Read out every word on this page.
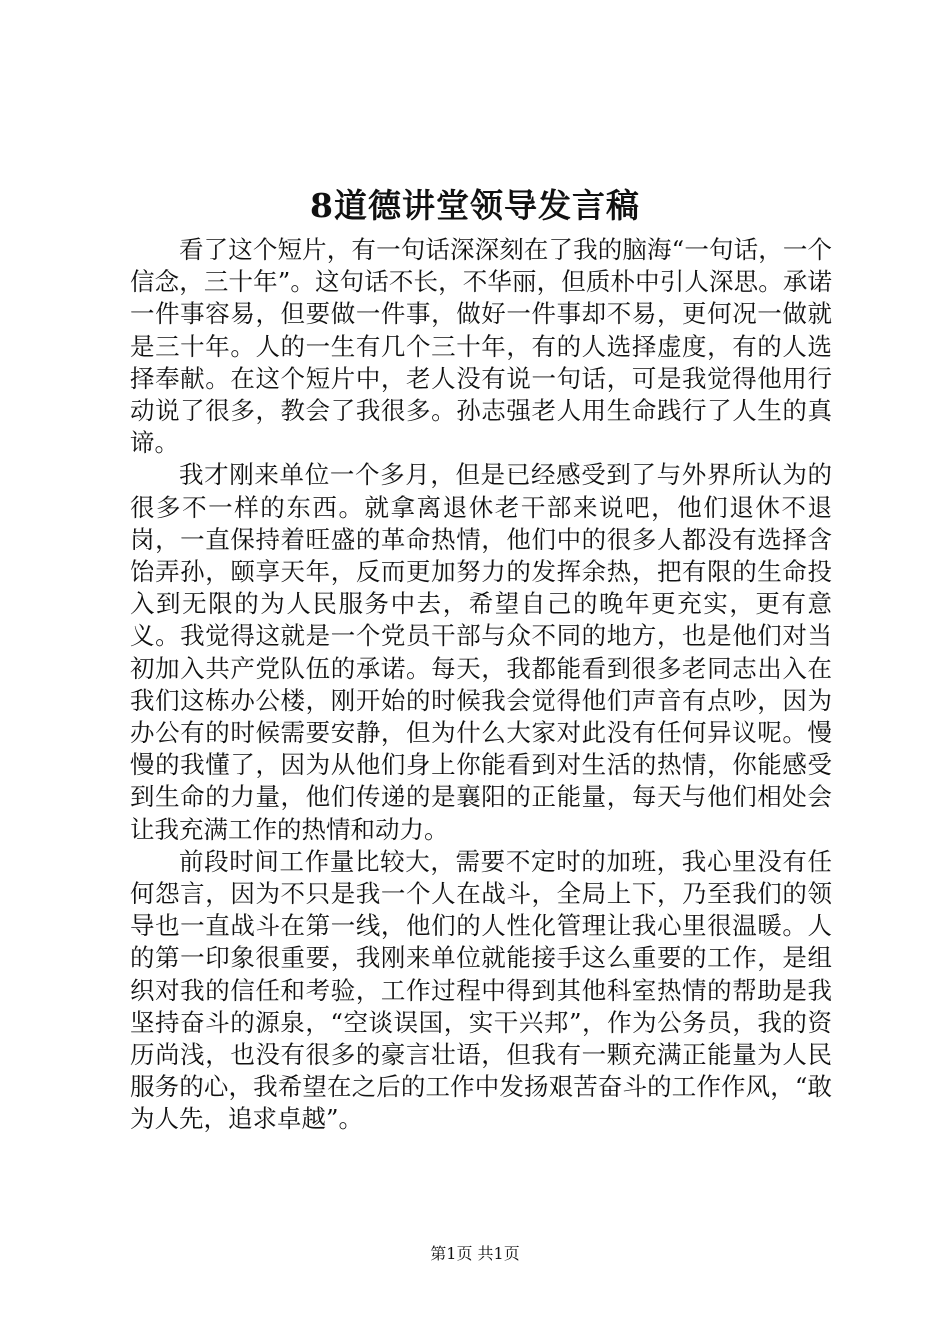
8道德讲堂领导发言稿

看了这个短片，有一句话深深刻在了我的脑海“一句话，一个信念，三十年”。这句话不长，不华丽，但质朴中引人深思。承诺一件事容易，但要做一件事，做好一件事却不易，更何况一做就是三十年。人的一生有几个三十年，有的人选择虚度，有的人选择奉献。在这个短片中，老人没有说一句话，可是我觉得他用行动说了很多，教会了我很多。孙志强老人用生命践行了人生的真谛。

我才刚来单位一个多月，但是已经感受到了与外界所认为的很多不一样的东西。就拿离退休老干部来说吧，他们退休不退岗，一直保持着旺盛的革命热情，他们中的很多人都没有选择含饴弄孙，颐享天年，反而更加努力的发挥余热，把有限的生命投入到无限的为人民服务中去，希望自己的晚年更充实，更有意义。我觉得这就是一个党员干部与众不同的地方，也是他们对当初加入共产党队伍的承诺。每天，我都能看到很多老同志出入在我们这栋办公楼，刚开始的时候我会觉得他们声音有点吵，因为办公有的时候需要安静，但为什么大家对此没有任何异议呢。慢慢的我懂了，因为从他们身上你能看到对生活的热情，你能感受到生命的力量，他们传递的是襄阳的正能量，每天与他们相处会让我充满工作的热情和动力。

前段时间工作量比较大，需要不定时的加班，我心里没有任何怨言，因为不只是我一个人在战斗，全局上下，乃至我们的领导也一直战斗在第一线，他们的人性化管理让我心里很温暖。人的第一印象很重要，我刚来单位就能接手这么重要的工作，是组织对我的信任和考验，工作过程中得到其他科室热情的帮助是我坚持奋斗的源泉，“空谈误国，实干兴邦”，作为公务员，我的资历尚浅，也没有很多的豪言壮语，但我有一颗充满正能量为人民服务的心，我希望在之后的工作中发扬艰苦奋斗的工作作风，“敢为人先，追求卓越”。

第1页 共1页
